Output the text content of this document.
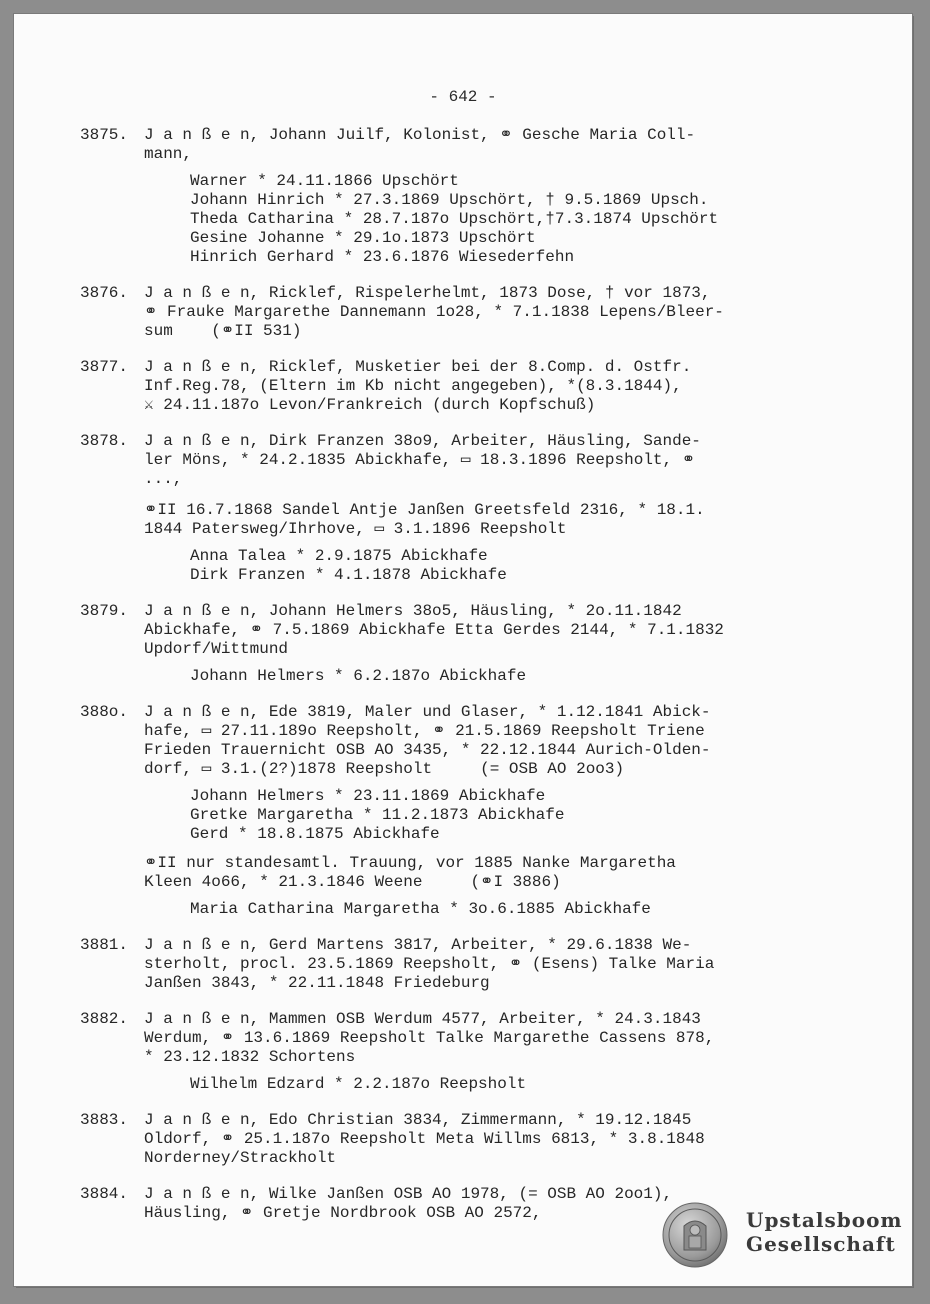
- 642 -
3875. J a n ß e n, Johann Juilf, Kolonist, ⚭ Gesche Maria Coll-
mann,
Warner * 24.11.1866 Upschört
Johann Hinrich * 27.3.1869 Upschört, † 9.5.1869 Upsch.
Theda Catharina * 28.7.187o Upschört,†7.3.1874 Upschört
Gesine Johanne * 29.1o.1873 Upschört
Hinrich Gerhard * 23.6.1876 Wiesederfehn
3876. J a n ß e n, Ricklef, Rispelerhelmt, 1873 Dose, † vor 1873,
⚭ Frauke Margarethe Dannemann 1o28, * 7.1.1838 Lepens/Bleer-
sum    (⚭II 531)
3877. J a n ß e n, Ricklef, Musketier bei der 8.Comp. d. Ostfr.
Inf.Reg.78, (Eltern im Kb nicht angegeben), *(8.3.1844),
⚔ 24.11.187o Levon/Frankreich (durch Kopfschuß)
3878. J a n ß e n, Dirk Franzen 38o9, Arbeiter, Häusling, Sande-
ler Möns, * 24.2.1835 Abickhafe, ▭ 18.3.1896 Reepsholt, ⚭
...,
⚭II 16.7.1868 Sandel Antje Janßen Greetsfeld 2316, * 18.1.
1844 Patersweg/Ihrhove, ▭ 3.1.1896 Reepsholt
Anna Talea * 2.9.1875 Abickhafe
Dirk Franzen * 4.1.1878 Abickhafe
3879. J a n ß e n, Johann Helmers 38o5, Häusling, * 2o.11.1842
Abickhafe, ⚭ 7.5.1869 Abickhafe Etta Gerdes 2144, * 7.1.1832
Updorf/Wittmund
Johann Helmers * 6.2.187o Abickhafe
388o. J a n ß e n, Ede 3819, Maler und Glaser, * 1.12.1841 Abick-
hafe, ▭ 27.11.189o Reepsholt, ⚭ 21.5.1869 Reepsholt Triene
Frieden Trauernicht OSB AO 3435, * 22.12.1844 Aurich-Olden-
dorf, ▭ 3.1.(2?)1878 Reepsholt     (= OSB AO 2oo3)
Johann Helmers * 23.11.1869 Abickhafe
Gretke Margaretha * 11.2.1873 Abickhafe
Gerd * 18.8.1875 Abickhafe
⚭II nur standesamtl. Trauung, vor 1885 Nanke Margaretha
Kleen 4o66, * 21.3.1846 Weene     (⚭I 3886)
Maria Catharina Margaretha * 3o.6.1885 Abickhafe
3881. J a n ß e n, Gerd Martens 3817, Arbeiter, * 29.6.1838 We-
sterholt, procl. 23.5.1869 Reepsholt, ⚭ (Esens) Talke Maria
Janßen 3843, * 22.11.1848 Friedeburg
3882. J a n ß e n, Mammen OSB Werdum 4577, Arbeiter, * 24.3.1843
Werdum, ⚭ 13.6.1869 Reepsholt Talke Margarethe Cassens 878,
* 23.12.1832 Schortens
Wilhelm Edzard * 2.2.187o Reepsholt
3883. J a n ß e n, Edo Christian 3834, Zimmermann, * 19.12.1845
Oldorf, ⚭ 25.1.187o Reepsholt Meta Willms 6813, * 3.8.1848
Norderney/Strackholt
3884. J a n ß e n, Wilke Janßen OSB AO 1978, (= OSB AO 2oo1),
Häusling, ⚭ Gretje Nordbrook OSB AO 2572,	Upstalsboom
Gesellschaft
